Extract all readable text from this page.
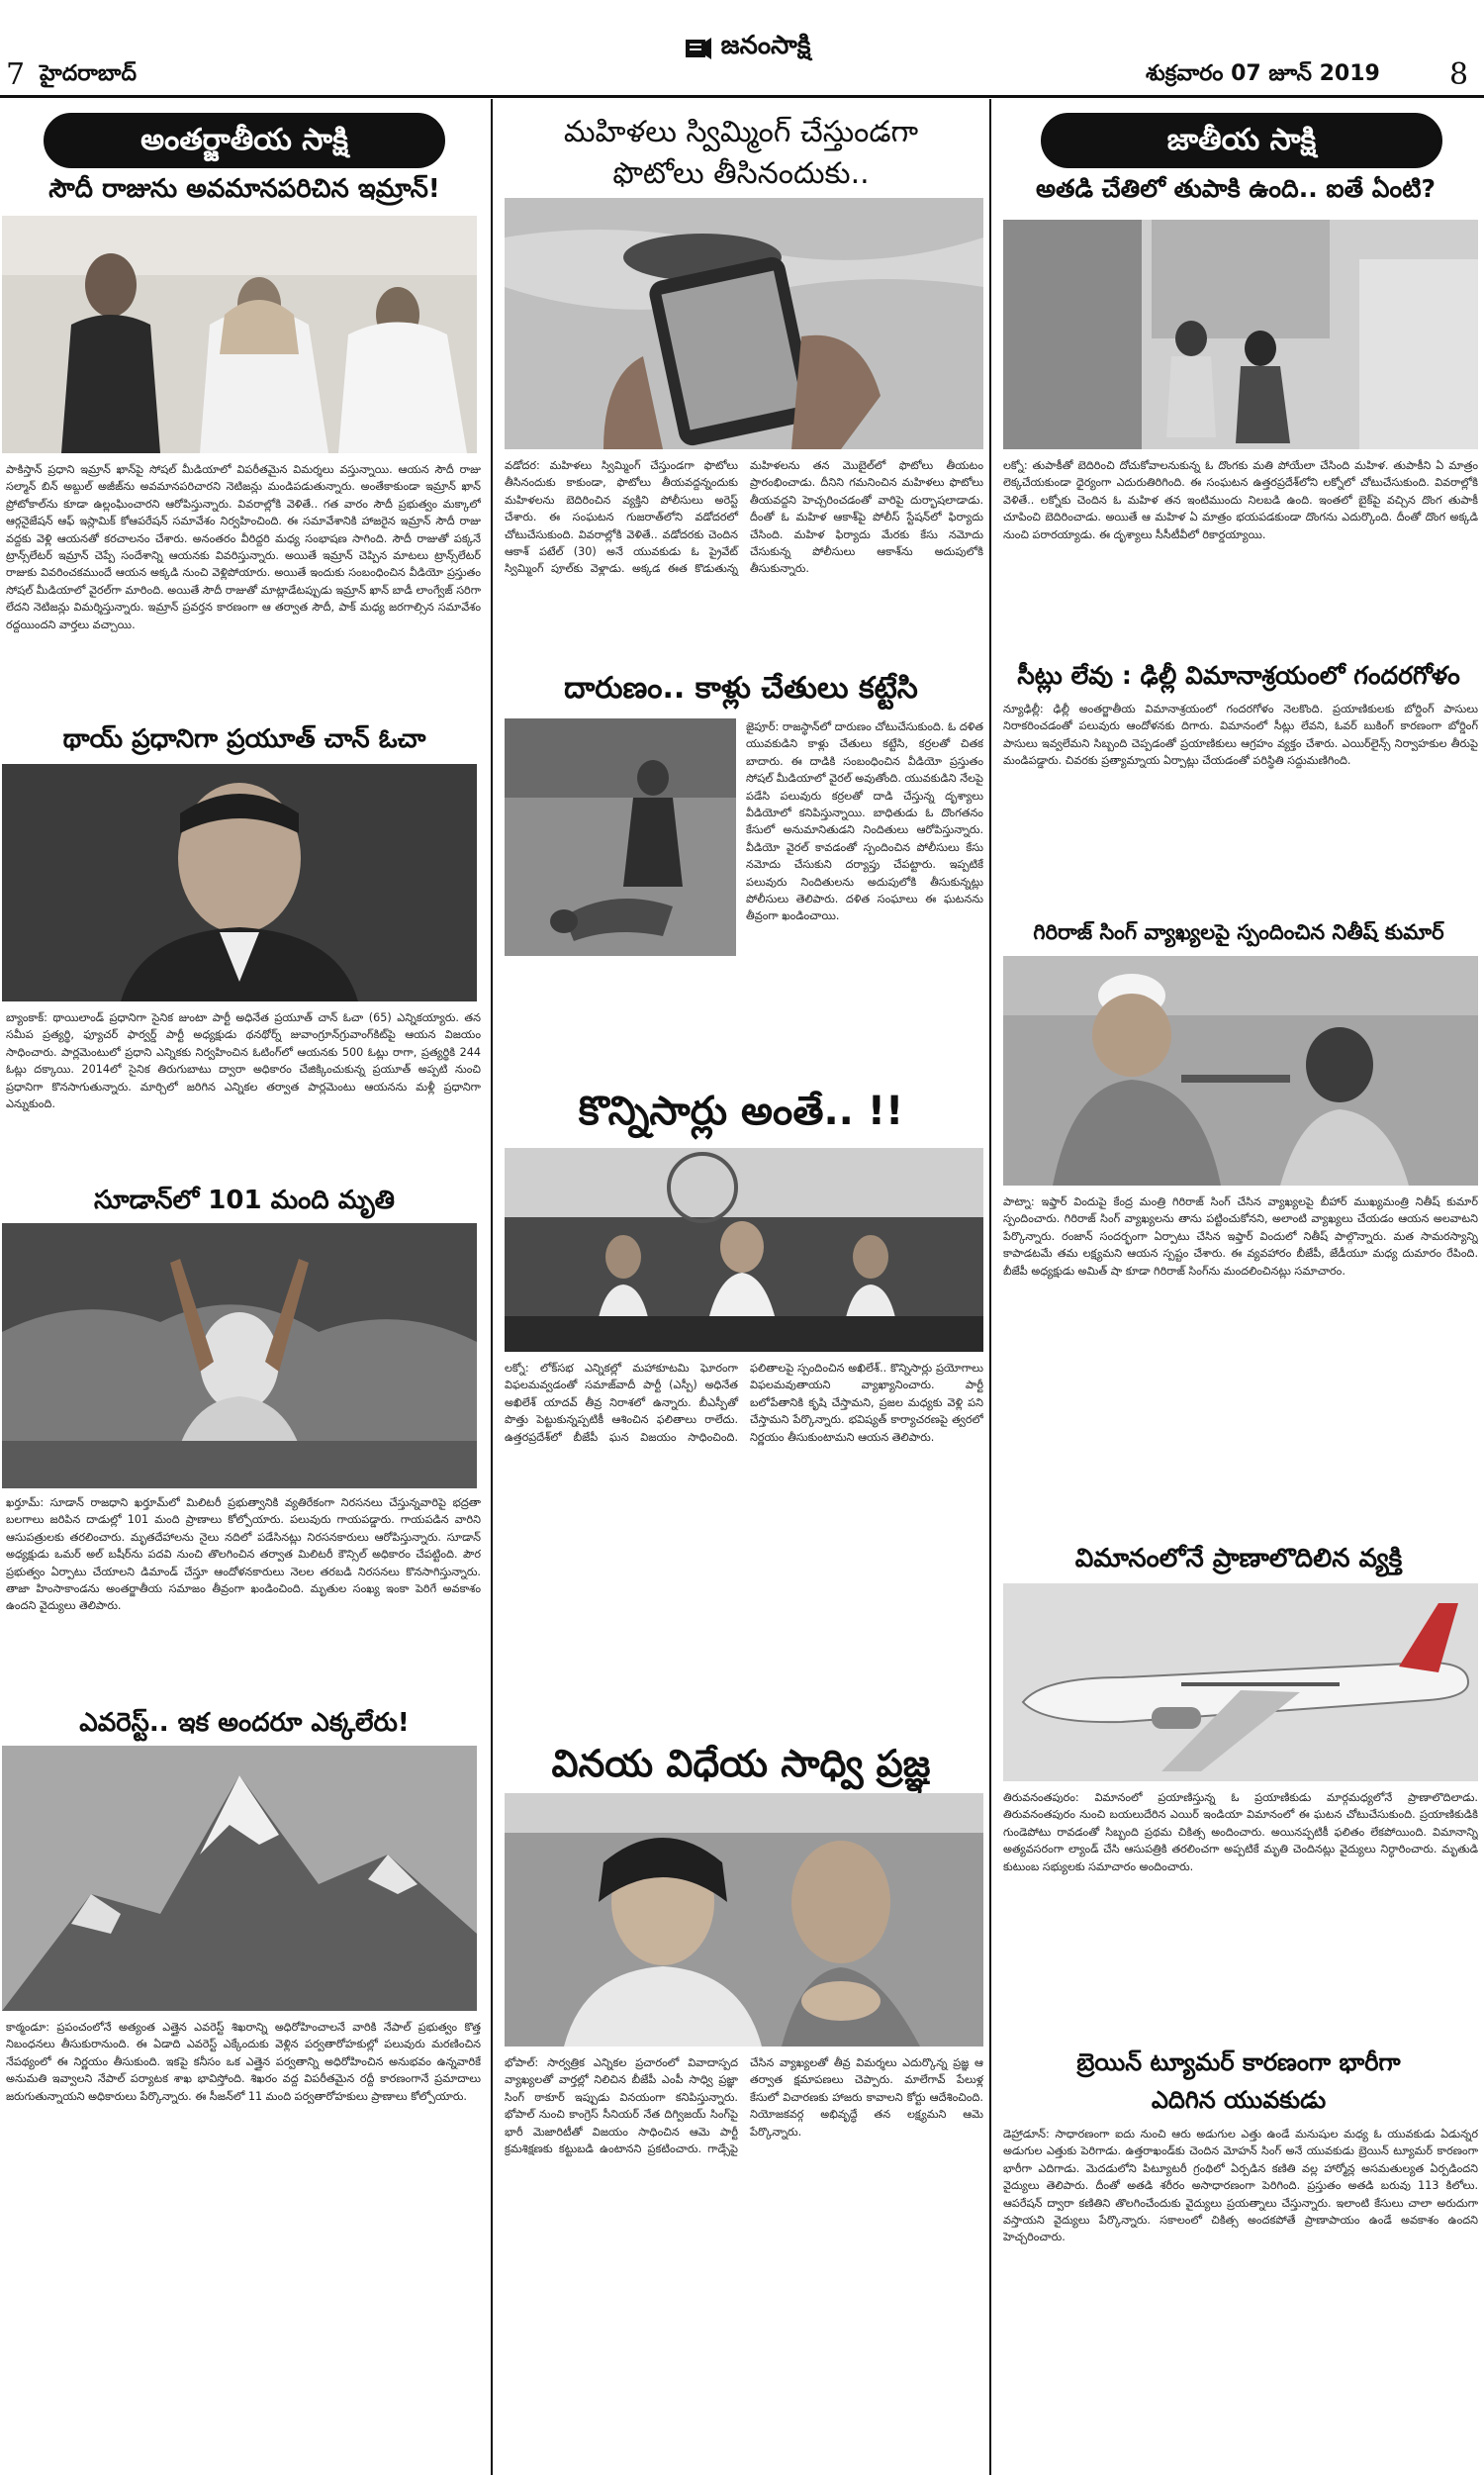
7 హైదరాబాద్
జనంసాక్షి
శుక్రవారం 07 జూన్ 2019 8
అంతర్జాతీయ సాక్షి
సౌదీ రాజును అవమానపరిచిన ఇమ్రాన్!
పాకిస్తాన్ ప్రధాని ఇమ్రాన్ ఖాన్‌పై సోషల్ మీడియాలో విపరీతమైన విమర్శలు వస్తున్నాయి. ఆయన సౌదీ రాజు సల్మాన్ బిన్ అబ్దుల్ అజీజ్‌ను అవమానపరిచారని నెటిజన్లు మండిపడుతున్నారు. అంతేకాకుండా ఇమ్రాన్ ఖాన్ ప్రోటోకాల్‌ను కూడా ఉల్లంఘించారని ఆరోపిస్తున్నారు. వివరాల్లోకి వెళితే.. గత వారం సౌదీ ప్రభుత్వం మక్కాలో ఆర్గనైజేషన్ ఆఫ్ ఇస్లామిక్ కోఆపరేషన్ సమావేశం నిర్వహించింది. ఈ సమావేశానికి హాజరైన ఇమ్రాన్ సౌదీ రాజు వద్దకు వెళ్లి ఆయనతో కరచాలనం చేశారు. అనంతరం వీరిద్దరి మధ్య సంభాషణ సాగింది. సౌదీ రాజుతో పక్కనే ట్రాన్స్‌లేటర్ ఇమ్రాన్ చెప్పే సందేశాన్ని ఆయనకు వివరిస్తున్నారు. అయితే ఇమ్రాన్ చెప్పిన మాటలు ట్రాన్స్‌లేటర్ రాజుకు వివరించకముందే ఆయన అక్కడి నుంచి వెళ్లిపోయారు. అయితే ఇందుకు సంబంధించిన వీడియో ప్రస్తుతం సోషల్ మీడియాలో వైరల్‌గా మారింది. అయితే సౌదీ రాజుతో మాట్లాడేటప్పుడు ఇమ్రాన్ ఖాన్ బాడీ లాంగ్వేజ్ సరిగా లేదని నెటిజన్లు విమర్శిస్తున్నారు. ఇమ్రాన్ ప్రవర్తన కారణంగా ఆ తర్వాత సౌదీ, పాక్ మధ్య జరగాల్సిన సమావేశం రద్దయిందని వార్తలు వచ్చాయి.
థాయ్ ప్రధానిగా ప్రయూత్ చాన్ ఓచా
బ్యాంకాక్: థాయిలాండ్ ప్రధానిగా సైనిక జుంటా పార్టీ అధినేత ప్రయూత్ చాన్ ఓచా (65) ఎన్నికయ్యారు. తన సమీప ప్రత్యర్థి, ఫ్యూచర్ ఫార్వర్డ్ పార్టీ అధ్యక్షుడు థనథోర్న్ జువాంగ్రూన్‌గ్రువాంగ్‌కిట్‌పై ఆయన విజయం సాధించారు. పార్లమెంటులో ప్రధాని ఎన్నికకు నిర్వహించిన ఓటింగ్‌లో ఆయనకు 500 ఓట్లు రాగా, ప్రత్యర్థికి 244 ఓట్లు దక్కాయి. 2014లో సైనిక తిరుగుబాటు ద్వారా అధికారం చేజిక్కించుకున్న ప్రయూత్ అప్పటి నుంచి ప్రధానిగా కొనసాగుతున్నారు. మార్చిలో జరిగిన ఎన్నికల తర్వాత పార్లమెంటు ఆయనను మళ్లీ ప్రధానిగా ఎన్నుకుంది.
సూడాన్‌లో 101 మంది మృతి
ఖర్తూమ్: సూడాన్ రాజధాని ఖర్తూమ్‌లో మిలిటరీ ప్రభుత్వానికి వ్యతిరేకంగా నిరసనలు చేస్తున్నవారిపై భద్రతా బలగాలు జరిపిన దాడుల్లో 101 మంది ప్రాణాలు కోల్పోయారు. పలువురు గాయపడ్డారు. గాయపడిన వారిని ఆసుపత్రులకు తరలించారు. మృతదేహాలను నైలు నదిలో పడేసినట్లు నిరసనకారులు ఆరోపిస్తున్నారు. సూడాన్ అధ్యక్షుడు ఒమర్ అల్ బషీర్‌ను పదవి నుంచి తొలగించిన తర్వాత మిలిటరీ కౌన్సిల్ అధికారం చేపట్టింది. పౌర ప్రభుత్వం ఏర్పాటు చేయాలని డిమాండ్ చేస్తూ ఆందోళనకారులు నెలల తరబడి నిరసనలు కొనసాగిస్తున్నారు. తాజా హింసాకాండను అంతర్జాతీయ సమాజం తీవ్రంగా ఖండించింది. మృతుల సంఖ్య ఇంకా పెరిగే అవకాశం ఉందని వైద్యులు తెలిపారు.
ఎవరెస్ట్.. ఇక అందరూ ఎక్కలేరు!
కాఠ్మండూ: ప్రపంచంలోనే అత్యంత ఎత్తైన ఎవరెస్ట్ శిఖరాన్ని అధిరోహించాలనే వారికి నేపాల్ ప్రభుత్వం కొత్త నిబంధనలు తీసుకురానుంది. ఈ ఏడాది ఎవరెస్ట్ ఎక్కేందుకు వెళ్లిన పర్వతారోహకుల్లో పలువురు మరణించిన నేపథ్యంలో ఈ నిర్ణయం తీసుకుంది. ఇకపై కనీసం ఒక ఎత్తైన పర్వతాన్ని అధిరోహించిన అనుభవం ఉన్నవారికే అనుమతి ఇవ్వాలని నేపాల్ పర్యాటక శాఖ భావిస్తోంది. శిఖరం వద్ద విపరీతమైన రద్దీ కారణంగానే ప్రమాదాలు జరుగుతున్నాయని అధికారులు పేర్కొన్నారు. ఈ సీజన్‌లో 11 మంది పర్వతారోహకులు ప్రాణాలు కోల్పోయారు.
మహిళలు స్విమ్మింగ్ చేస్తుండగా
ఫొటోలు తీసినందుకు..
వడోదర: మహిళలు స్విమ్మింగ్ చేస్తుండగా ఫొటోలు తీసినందుకు కాకుండా, ఫొటోలు తీయవద్దన్నందుకు మహిళలను బెదిరించిన వ్యక్తిని పోలీసులు అరెస్ట్ చేశారు. ఈ సంఘటన గుజరాత్‌లోని వడోదరలో చోటుచేసుకుంది. వివరాల్లోకి వెళితే.. వడోదరకు చెందిన ఆకాశ్ పటేల్ (30) అనే యువకుడు ఓ ప్రైవేట్ స్విమ్మింగ్ పూల్‌కు వెళ్లాడు. అక్కడ ఈత కొడుతున్న మహిళలను తన మొబైల్‌లో ఫొటోలు తీయటం ప్రారంభించాడు. దీనిని గమనించిన మహిళలు ఫొటోలు తీయవద్దని హెచ్చరించడంతో వారిపై దుర్భాషలాడాడు. దీంతో ఓ మహిళ ఆకాశ్‌పై పోలీస్ స్టేషన్‌లో ఫిర్యాదు చేసింది. మహిళ ఫిర్యాదు మేరకు కేసు నమోదు చేసుకున్న పోలీసులు ఆకాశ్‌ను అదుపులోకి తీసుకున్నారు.
దారుణం.. కాళ్లు చేతులు కట్టేసి
జైపూర్: రాజస్థాన్‌లో దారుణం చోటుచేసుకుంది. ఓ దళిత యువకుడిని కాళ్లు చేతులు కట్టేసి, కర్రలతో చితక బాదారు. ఈ దాడికి సంబంధించిన వీడియో ప్రస్తుతం సోషల్ మీడియాలో వైరల్ అవుతోంది. యువకుడిని నేలపై పడేసి పలువురు కర్రలతో దాడి చేస్తున్న దృశ్యాలు వీడియోలో కనిపిస్తున్నాయి. బాధితుడు ఓ దొంగతనం కేసులో అనుమానితుడని నిందితులు ఆరోపిస్తున్నారు. వీడియో వైరల్ కావడంతో స్పందించిన పోలీసులు కేసు నమోదు చేసుకుని దర్యాప్తు చేపట్టారు. ఇప్పటికే పలువురు నిందితులను అదుపులోకి తీసుకున్నట్లు పోలీసులు తెలిపారు. దళిత సంఘాలు ఈ ఘటనను తీవ్రంగా ఖండించాయి.
కొన్నిసార్లు అంతే.. !!
లక్నో: లోక్‌సభ ఎన్నికల్లో మహాకూటమి ఘోరంగా విఫలమవ్వడంతో సమాజ్‌వాదీ పార్టీ (ఎస్పీ) అధినేత అఖిలేశ్ యాదవ్ తీవ్ర నిరాశలో ఉన్నారు. బీఎస్పీతో పొత్తు పెట్టుకున్నప్పటికీ ఆశించిన ఫలితాలు రాలేదు. ఉత్తరప్రదేశ్‌లో బీజేపీ ఘన విజయం సాధించింది. ఫలితాలపై స్పందించిన అఖిలేశ్.. కొన్నిసార్లు ప్రయోగాలు విఫలమవుతాయని వ్యాఖ్యానించారు. పార్టీ బలోపేతానికి కృషి చేస్తామని, ప్రజల మధ్యకు వెళ్లి పని చేస్తామని పేర్కొన్నారు. భవిష్యత్ కార్యాచరణపై త్వరలో నిర్ణయం తీసుకుంటామని ఆయన తెలిపారు.
వినయ విధేయ సాధ్వి ప్రజ్ఞ
భోపాల్: సార్వత్రిక ఎన్నికల ప్రచారంలో వివాదాస్పద వ్యాఖ్యలతో వార్తల్లో నిలిచిన బీజేపీ ఎంపీ సాధ్వి ప్రజ్ఞా సింగ్ ఠాకూర్ ఇప్పుడు వినయంగా కనిపిస్తున్నారు. భోపాల్ నుంచి కాంగ్రెస్ సీనియర్ నేత దిగ్విజయ్ సింగ్‌పై భారీ మెజారిటీతో విజయం సాధించిన ఆమె పార్టీ క్రమశిక్షణకు కట్టుబడి ఉంటానని ప్రకటించారు. గాడ్సేపై చేసిన వ్యాఖ్యలతో తీవ్ర విమర్శలు ఎదుర్కొన్న ప్రజ్ఞ ఆ తర్వాత క్షమాపణలు చెప్పారు. మాలేగావ్ పేలుళ్ల కేసులో విచారణకు హాజరు కావాలని కోర్టు ఆదేశించింది. నియోజకవర్గ అభివృద్ధే తన లక్ష్యమని ఆమె పేర్కొన్నారు.
జాతీయ సాక్షి
అతడి చేతిలో తుపాకి ఉంది.. ఐతే ఏంటి?
లక్నో: తుపాకీతో బెదిరించి దోచుకోవాలనుకున్న ఓ దొంగకు మతి పోయేలా చేసింది మహిళ. తుపాకీని ఏ మాత్రం లెక్కచేయకుండా ధైర్యంగా ఎదురుతిరిగింది. ఈ సంఘటన ఉత్తరప్రదేశ్‌లోని లక్నోలో చోటుచేసుకుంది. వివరాల్లోకి వెళితే.. లక్నోకు చెందిన ఓ మహిళ తన ఇంటిముందు నిలబడి ఉంది. ఇంతలో బైక్‌పై వచ్చిన దొంగ తుపాకీ చూపించి బెదిరించాడు. అయితే ఆ మహిళ ఏ మాత్రం భయపడకుండా దొంగను ఎదుర్కొంది. దీంతో దొంగ అక్కడి నుంచి పరారయ్యాడు. ఈ దృశ్యాలు సీసీటీవీలో రికార్డయ్యాయి.
సీట్లు లేవు : ఢిల్లీ విమానాశ్రయంలో గందరగోళం
న్యూఢిల్లీ: ఢిల్లీ అంతర్జాతీయ విమానాశ్రయంలో గందరగోళం నెలకొంది. ప్రయాణికులకు బోర్డింగ్ పాసులు నిరాకరించడంతో పలువురు ఆందోళనకు దిగారు. విమానంలో సీట్లు లేవని, ఓవర్ బుకింగ్ కారణంగా బోర్డింగ్ పాసులు ఇవ్వలేమని సిబ్బంది చెప్పడంతో ప్రయాణికులు ఆగ్రహం వ్యక్తం చేశారు. ఎయిర్‌లైన్స్ నిర్వాహకుల తీరుపై మండిపడ్డారు. చివరకు ప్రత్యామ్నాయ ఏర్పాట్లు చేయడంతో పరిస్థితి సద్దుమణిగింది.
గిరిరాజ్ సింగ్ వ్యాఖ్యలపై స్పందించిన నితీష్ కుమార్
పాట్నా: ఇఫ్తార్ విందుపై కేంద్ర మంత్రి గిరిరాజ్ సింగ్ చేసిన వ్యాఖ్యలపై బీహార్ ముఖ్యమంత్రి నితీష్ కుమార్ స్పందించారు. గిరిరాజ్ సింగ్ వ్యాఖ్యలను తాను పట్టించుకోనని, అలాంటి వ్యాఖ్యలు చేయడం ఆయన అలవాటని పేర్కొన్నారు. రంజాన్ సందర్భంగా ఏర్పాటు చేసిన ఇఫ్తార్ విందులో నితీష్ పాల్గొన్నారు. మత సామరస్యాన్ని కాపాడటమే తమ లక్ష్యమని ఆయన స్పష్టం చేశారు. ఈ వ్యవహారం బీజేపీ, జేడీయూ మధ్య దుమారం రేపింది. బీజేపీ అధ్యక్షుడు అమిత్ షా కూడా గిరిరాజ్ సింగ్‌ను మందలించినట్లు సమాచారం.
విమానంలోనే ప్రాణాలొదిలిన వ్యక్తి
తిరువనంతపురం: విమానంలో ప్రయాణిస్తున్న ఓ ప్రయాణికుడు మార్గమధ్యలోనే ప్రాణాలొదిలాడు. తిరువనంతపురం నుంచి బయలుదేరిన ఎయిర్ ఇండియా విమానంలో ఈ ఘటన చోటుచేసుకుంది. ప్రయాణికుడికి గుండెపోటు రావడంతో సిబ్బంది ప్రథమ చికిత్స అందించారు. అయినప్పటికీ ఫలితం లేకపోయింది. విమానాన్ని అత్యవసరంగా ల్యాండ్ చేసి ఆసుపత్రికి తరలించగా అప్పటికే మృతి చెందినట్లు వైద్యులు నిర్ధారించారు. మృతుడి కుటుంబ సభ్యులకు సమాచారం అందించారు.
బ్రెయిన్ ట్యూమర్ కారణంగా భారీగా
ఎదిగిన యువకుడు
డెహ్రాడూన్: సాధారణంగా ఐదు నుంచి ఆరు అడుగుల ఎత్తు ఉండే మనుషుల మధ్య ఓ యువకుడు ఏడున్నర అడుగుల ఎత్తుకు పెరిగాడు. ఉత్తరాఖండ్‌కు చెందిన మోహన్ సింగ్ అనే యువకుడు బ్రెయిన్ ట్యూమర్ కారణంగా భారీగా ఎదిగాడు. మెదడులోని పిట్యూటరీ గ్రంథిలో ఏర్పడిన కణితి వల్ల హార్మోన్ల అసమతుల్యత ఏర్పడిందని వైద్యులు తెలిపారు. దీంతో అతడి శరీరం అసాధారణంగా పెరిగింది. ప్రస్తుతం అతడి బరువు 113 కిలోలు. ఆపరేషన్ ద్వారా కణితిని తొలగించేందుకు వైద్యులు ప్రయత్నాలు చేస్తున్నారు. ఇలాంటి కేసులు చాలా అరుదుగా వస్తాయని వైద్యులు పేర్కొన్నారు. సకాలంలో చికిత్స అందకపోతే ప్రాణాపాయం ఉండే అవకాశం ఉందని హెచ్చరించారు.
